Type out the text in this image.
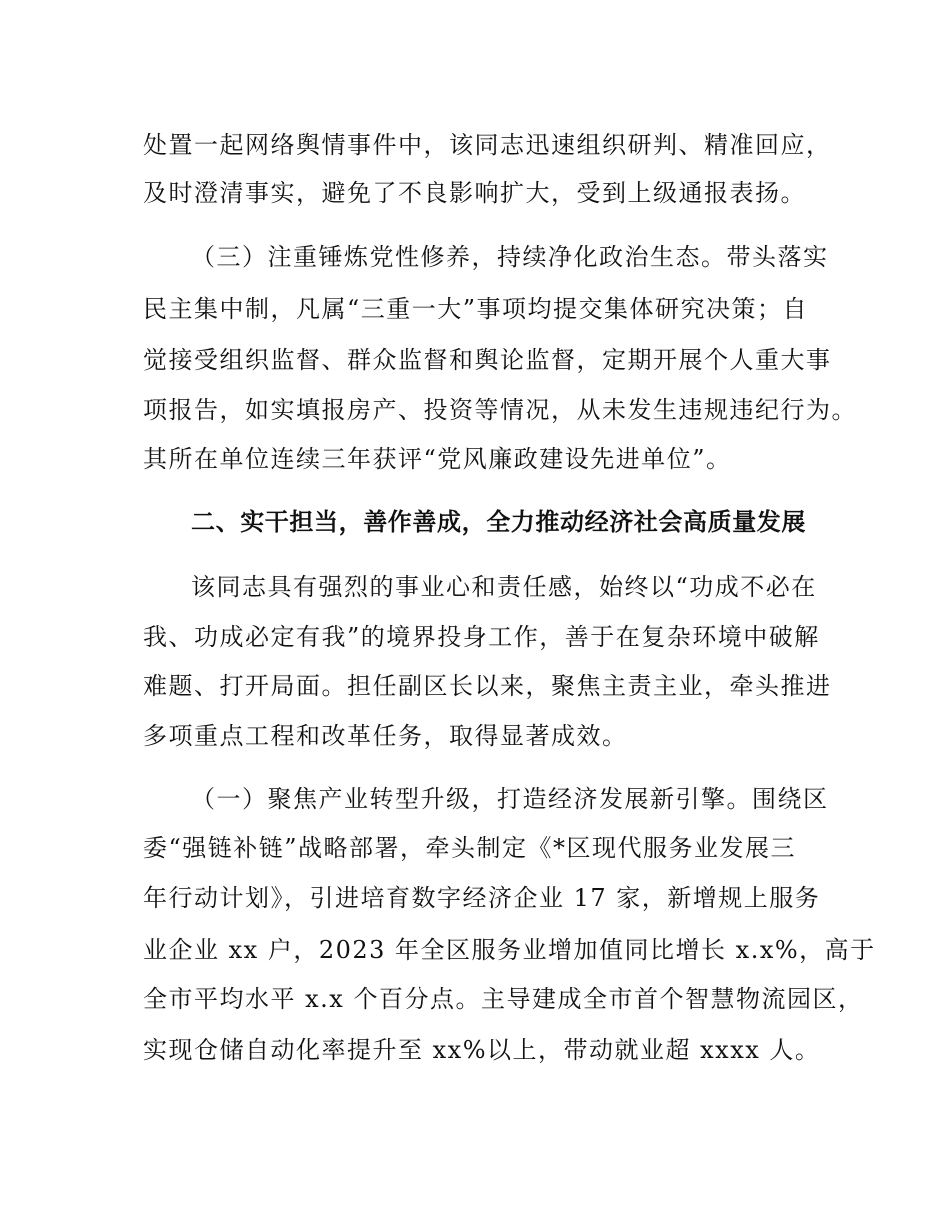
处置一起网络舆情事件中，该同志迅速组织研判、精准回应，
及时澄清事实，避免了不良影响扩大，受到上级通报表扬。
（三）注重锤炼党性修养，持续净化政治生态。带头落实
民主集中制，凡属“三重一大”事项均提交集体研究决策；自
觉接受组织监督、群众监督和舆论监督，定期开展个人重大事
项报告，如实填报房产、投资等情况，从未发生违规违纪行为。
其所在单位连续三年获评“党风廉政建设先进单位”。
二、实干担当，善作善成，全力推动经济社会高质量发展
该同志具有强烈的事业心和责任感，始终以“功成不必在
我、功成必定有我”的境界投身工作，善于在复杂环境中破解
难题、打开局面。担任副区长以来，聚焦主责主业，牵头推进
多项重点工程和改革任务，取得显著成效。
（一）聚焦产业转型升级，打造经济发展新引擎。围绕区
委“强链补链”战略部署，牵头制定《*区现代服务业发展三
年行动计划》，引进培育数字经济企业 17 家，新增规上服务
业企业 xx 户，2023 年全区服务业增加值同比增长 x.x%，高于
全市平均水平 x.x 个百分点。主导建成全市首个智慧物流园区，
实现仓储自动化率提升至 xx%以上，带动就业超 xxxx 人。
